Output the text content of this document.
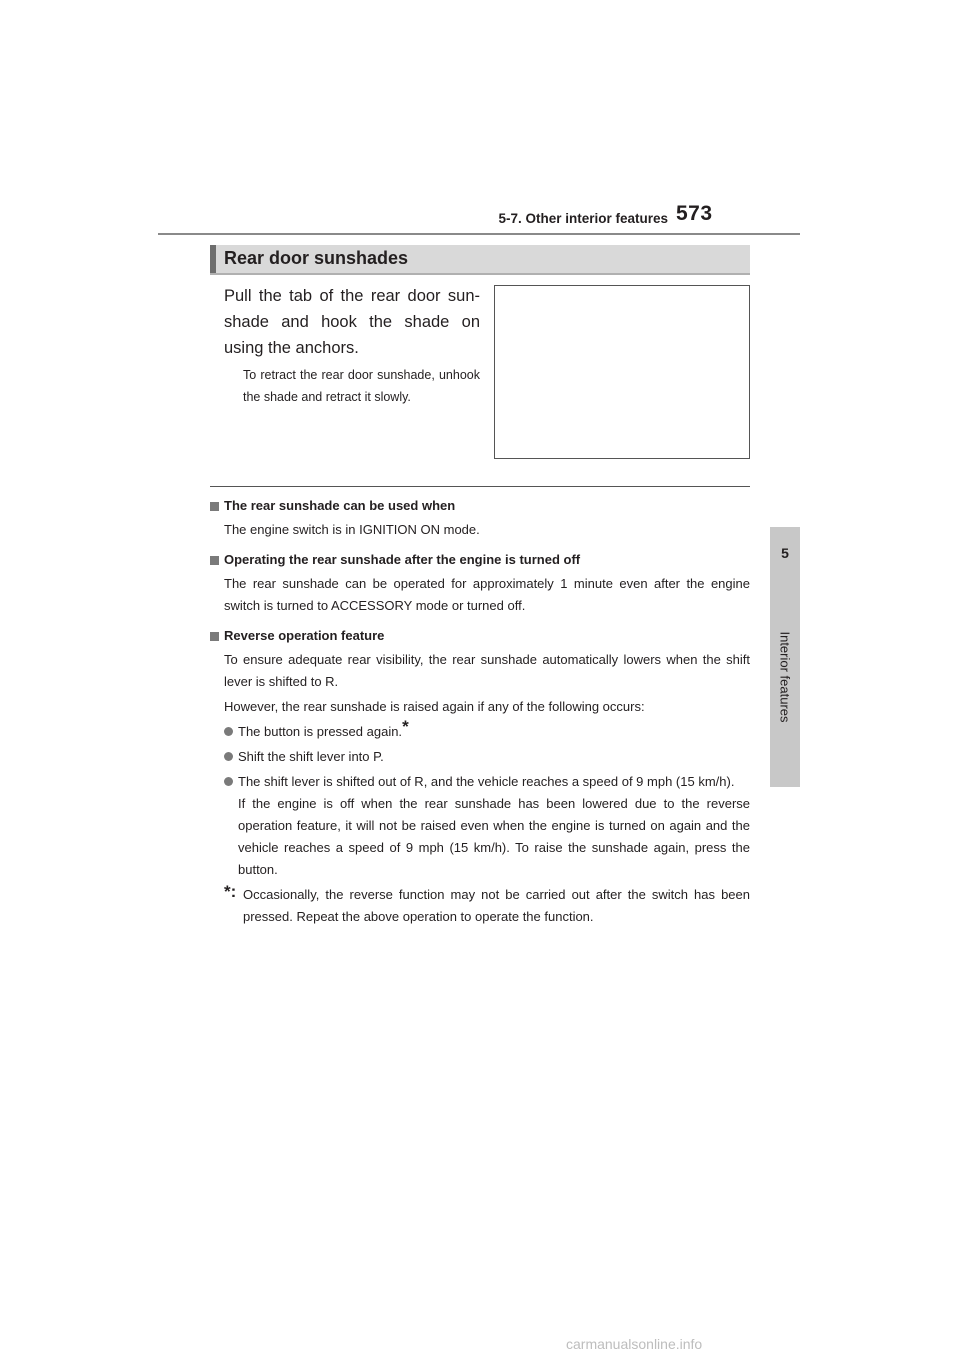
5-7. Other interior features 573
5
Interior features
Rear door sunshades

Pull the tab of the rear door sun-shade and hook the shade on using the anchors.

To retract the rear door sunshade, unhook the shade and retract it slowly.

The rear sunshade can be used when

The engine switch is in IGNITION ON mode.

Operating the rear sunshade after the engine is turned off

The rear sunshade can be operated for approximately 1 minute even after the engine switch is turned to ACCESSORY mode or turned off.

Reverse operation feature

To ensure adequate rear visibility, the rear sunshade automatically lowers when the shift lever is shifted to R.

However, the rear sunshade is raised again if any of the following occurs:

The button is pressed again.*

Shift the shift lever into P.

The shift lever is shifted out of R, and the vehicle reaches a speed of 9 mph (15 km/h).
If the engine is off when the rear sunshade has been lowered due to the reverse operation feature, it will not be raised even when the engine is turned on again and the vehicle reaches a speed of 9 mph (15 km/h). To raise the sunshade again, press the button.

*: Occasionally, the reverse function may not be carried out after the switch has been pressed. Repeat the above operation to operate the function.

carmanualsonline.info
